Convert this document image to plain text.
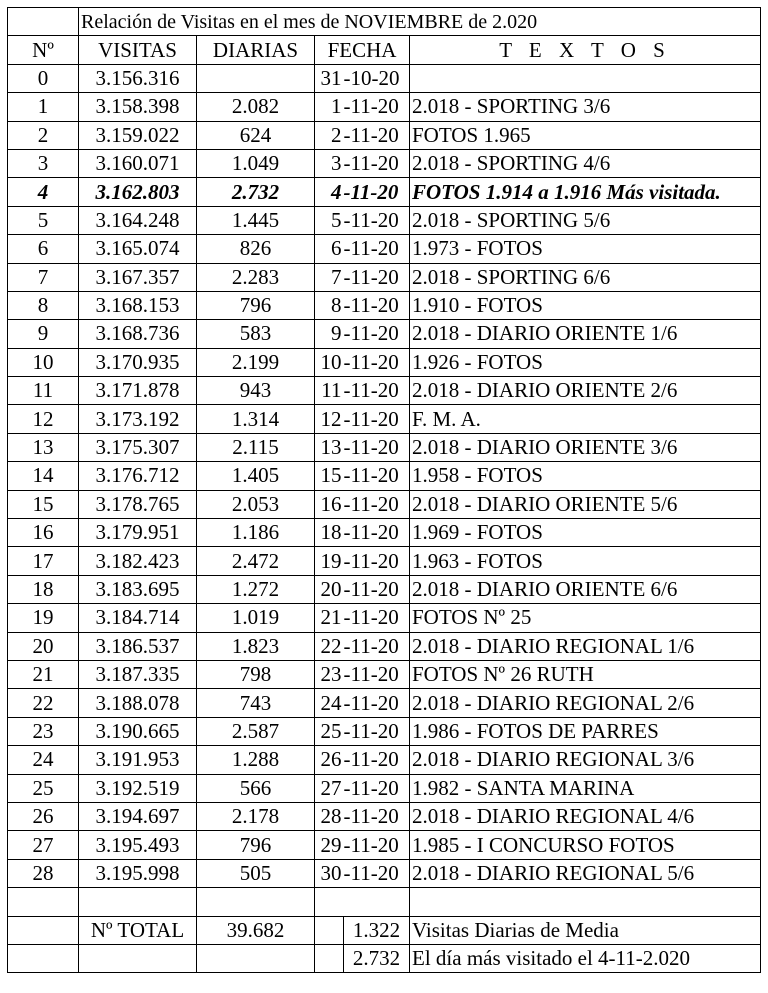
	Relación de Visitas en el mes de NOVIEMBRE de 2.020				
Nº	VISITAS	DIARIAS	FECHA		T E X T O S
0	3.156.316		31	-10-20	
1	3.158.398	2.082	1	-11-20	2.018 - SPORTING 3/6
2	3.159.022	624	2	-11-20	FOTOS 1.965
3	3.160.071	1.049	3	-11-20	2.018 - SPORTING 4/6
4	3.162.803	2.732	4	-11-20	FOTOS 1.914 a 1.916 Más visitada.
5	3.164.248	1.445	5	-11-20	2.018 - SPORTING 5/6
6	3.165.074	826	6	-11-20	1.973 - FOTOS
7	3.167.357	2.283	7	-11-20	2.018 - SPORTING 6/6
8	3.168.153	796	8	-11-20	1.910 - FOTOS
9	3.168.736	583	9	-11-20	2.018 - DIARIO ORIENTE 1/6
10	3.170.935	2.199	10	-11-20	1.926 - FOTOS
11	3.171.878	943	11	-11-20	2.018 - DIARIO ORIENTE 2/6
12	3.173.192	1.314	12	-11-20	F. M. A.
13	3.175.307	2.115	13	-11-20	2.018 - DIARIO ORIENTE 3/6
14	3.176.712	1.405	15	-11-20	1.958 - FOTOS
15	3.178.765	2.053	16	-11-20	2.018 - DIARIO ORIENTE 5/6
16	3.179.951	1.186	18	-11-20	1.969 - FOTOS
17	3.182.423	2.472	19	-11-20	1.963 - FOTOS
18	3.183.695	1.272	20	-11-20	2.018 - DIARIO ORIENTE 6/6
19	3.184.714	1.019	21	-11-20	FOTOS Nº 25
20	3.186.537	1.823	22	-11-20	2.018 - DIARIO REGIONAL 1/6
21	3.187.335	798	23	-11-20	FOTOS Nº 26 RUTH
22	3.188.078	743	24	-11-20	2.018 - DIARIO REGIONAL 2/6
23	3.190.665	2.587	25	-11-20	1.986 - FOTOS DE PARRES
24	3.191.953	1.288	26	-11-20	2.018 - DIARIO REGIONAL 3/6
25	3.192.519	566	27	-11-20	1.982 - SANTA MARINA
26	3.194.697	2.178	28	-11-20	2.018 - DIARIO REGIONAL 4/6
27	3.195.493	796	29	-11-20	1.985 - I CONCURSO FOTOS
28	3.195.998	505	30	-11-20	2.018 - DIARIO REGIONAL 5/6

	Nº TOTAL	39.682		1.322	Visitas Diarias de Media
				2.732	El día más visitado el 4-11-2.020
